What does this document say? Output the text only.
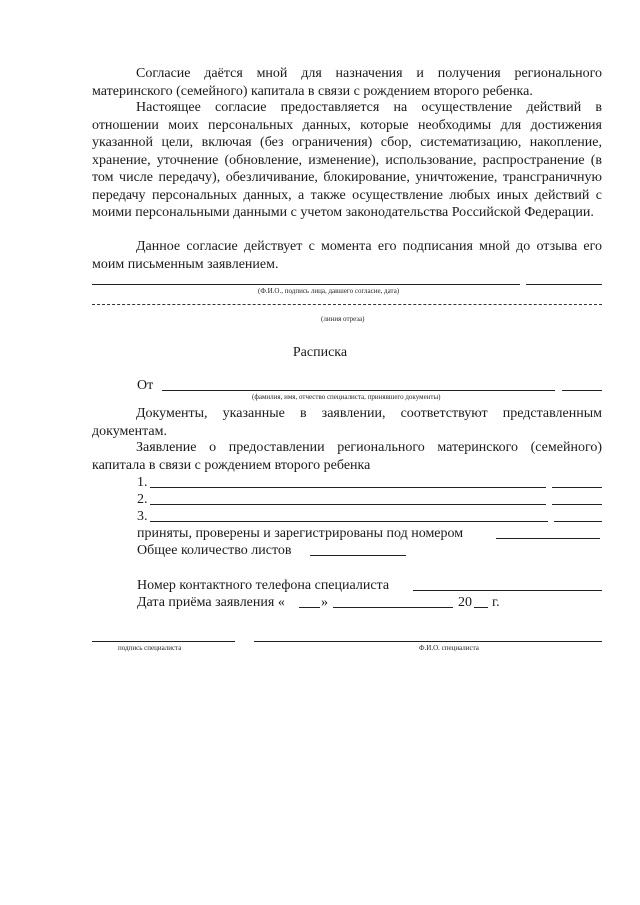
Согласие даётся мной для назначения и получения регионального материнского (семейного) капитала в связи с рождением второго ребенка.

Настоящее согласие предоставляется на осуществление действий в отношении моих персональных данных, которые необходимы для достижения указанной цели, включая (без ограничения) сбор, систематизацию, накопление, хранение, уточнение (обновление, изменение), использование, распространение (в том числе передачу), обезличивание, блокирование, уничтожение, трансграничную передачу персональных данных, а также осуществление любых иных действий с моими персональными данными с учетом законодательства Российской Федерации.

Данное согласие действует с момента его подписания мной до отзыва его моим письменным заявлением.

(Ф.И.О., подпись лица, давшего согласие, дата)
(линия отреза)
Расписка
От
(фамилия, имя, отчество специалиста, принявшего документы)

Документы, указанные в заявлении, соответствуют представленным документам.

Заявление о предоставлении регионального материнского (семейного) капитала в связи с рождением второго ребенка

1.
2.
3.
приняты, проверены и зарегистрированы под номером
Общее количество листов
Номер контактного телефона специалиста
Дата приёма заявления «	»	20 г.
подпись специалиста	Ф.И.О. специалиста
